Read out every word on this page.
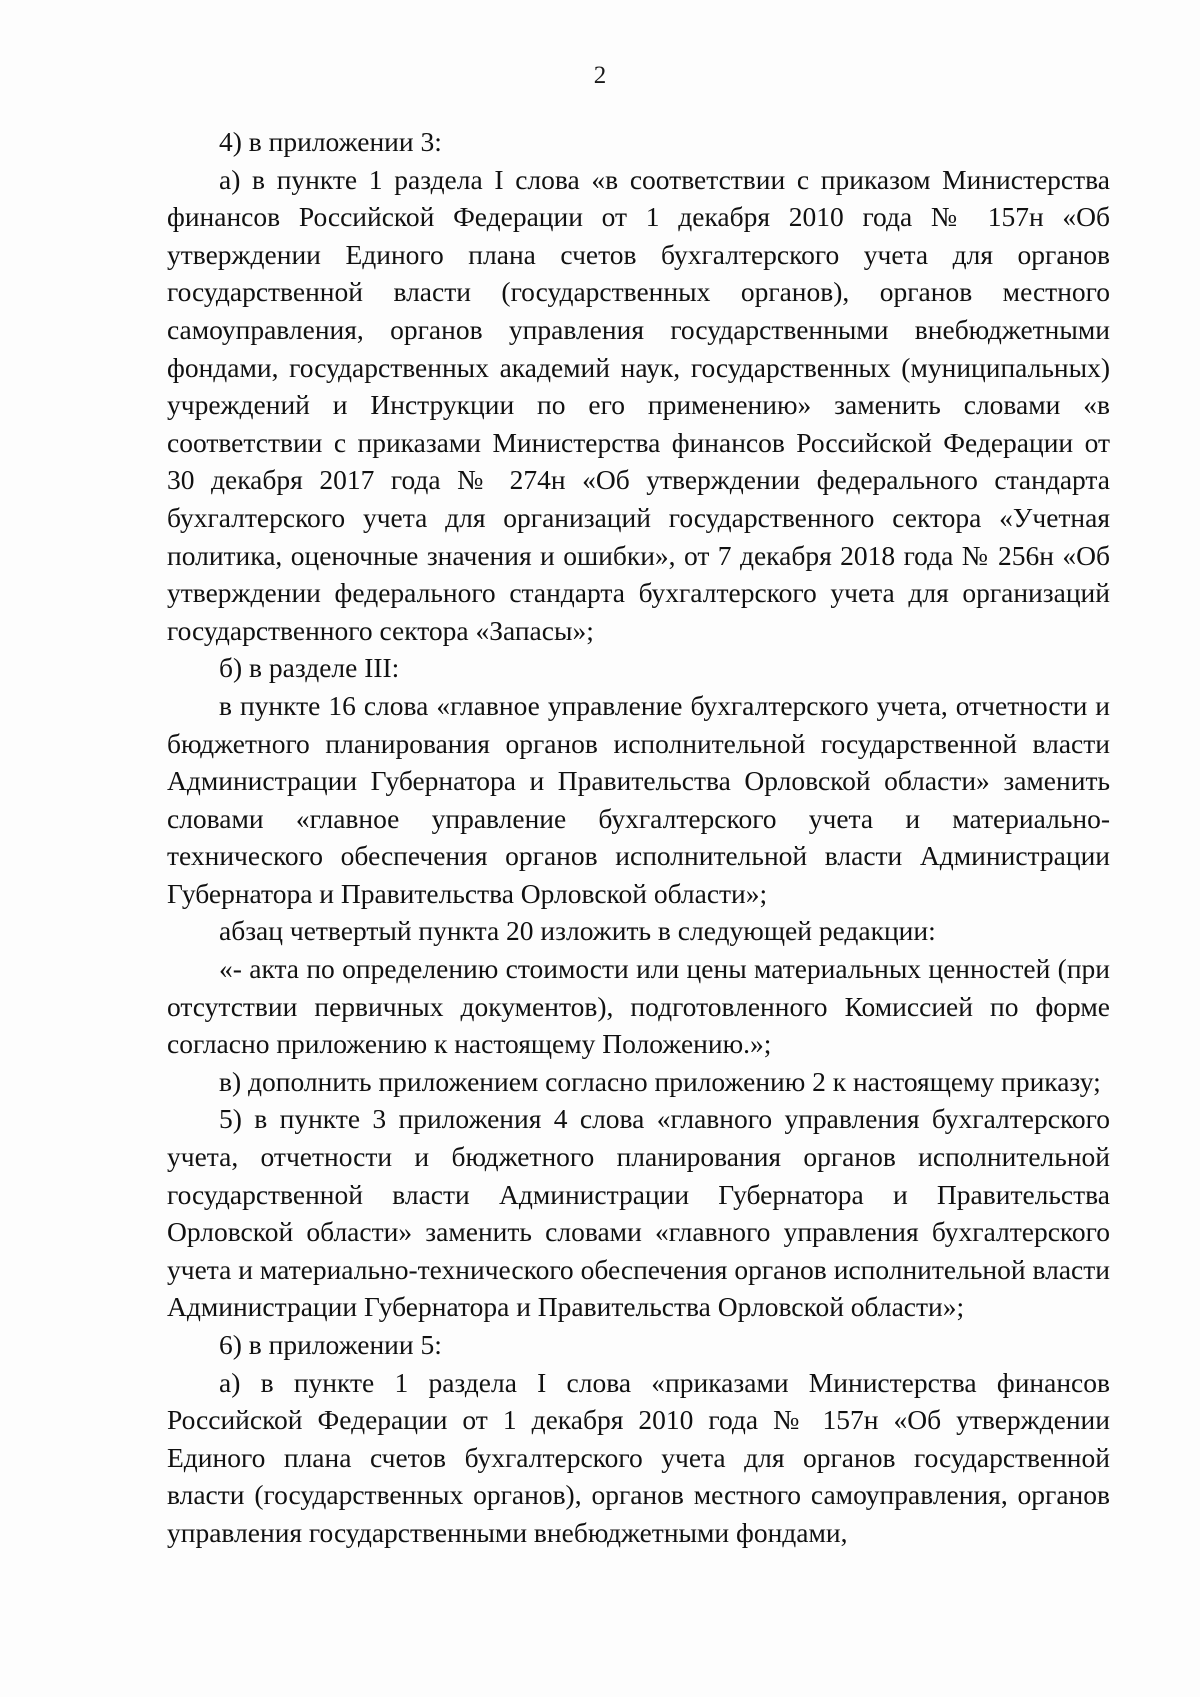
2

4) в приложении 3:

а) в пункте 1 раздела I слова «в соответствии с приказом Министерства финансов Российской Федерации от 1 декабря 2010 года № 157н «Об утверждении Единого плана счетов бухгалтерского учета для органов государственной власти (государственных органов), органов местного самоуправления, органов управления государственными внебюджетными фондами, государственных академий наук, государственных (муниципальных) учреждений и Инструкции по его применению» заменить словами «в соответствии с приказами Министерства финансов Российской Федерации от 30 декабря 2017 года № 274н «Об утверждении федерального стандарта бухгалтерского учета для организаций государственного сектора «Учетная политика, оценочные значения и ошибки», от 7 декабря 2018 года № 256н «Об утверждении федерального стандарта бухгалтерского учета для организаций государственного сектора «Запасы»;

б) в разделе III:

в пункте 16 слова «главное управление бухгалтерского учета, отчетности и бюджетного планирования органов исполнительной государственной власти Администрации Губернатора и Правительства Орловской области» заменить словами «главное управление бухгалтерского учета и материально-технического обеспечения органов исполнительной власти Администрации Губернатора и Правительства Орловской области»;

абзац четвертый пункта 20 изложить в следующей редакции:

«- акта по определению стоимости или цены материальных ценностей (при отсутствии первичных документов), подготовленного Комиссией по форме согласно приложению к настоящему Положению.»;

в) дополнить приложением согласно приложению 2 к настоящему приказу;

5) в пункте 3 приложения 4 слова «главного управления бухгалтерского учета, отчетности и бюджетного планирования органов исполнительной государственной власти Администрации Губернатора и Правительства Орловской области» заменить словами «главного управления бухгалтерского учета и материально-технического обеспечения органов исполнительной власти Администрации Губернатора и Правительства Орловской области»;

6) в приложении 5:

а) в пункте 1 раздела I слова «приказами Министерства финансов Российской Федерации от 1 декабря 2010 года № 157н «Об утверждении Единого плана счетов бухгалтерского учета для органов государственной власти (государственных органов), органов местного самоуправления, органов управления государственными внебюджетными фондами,
